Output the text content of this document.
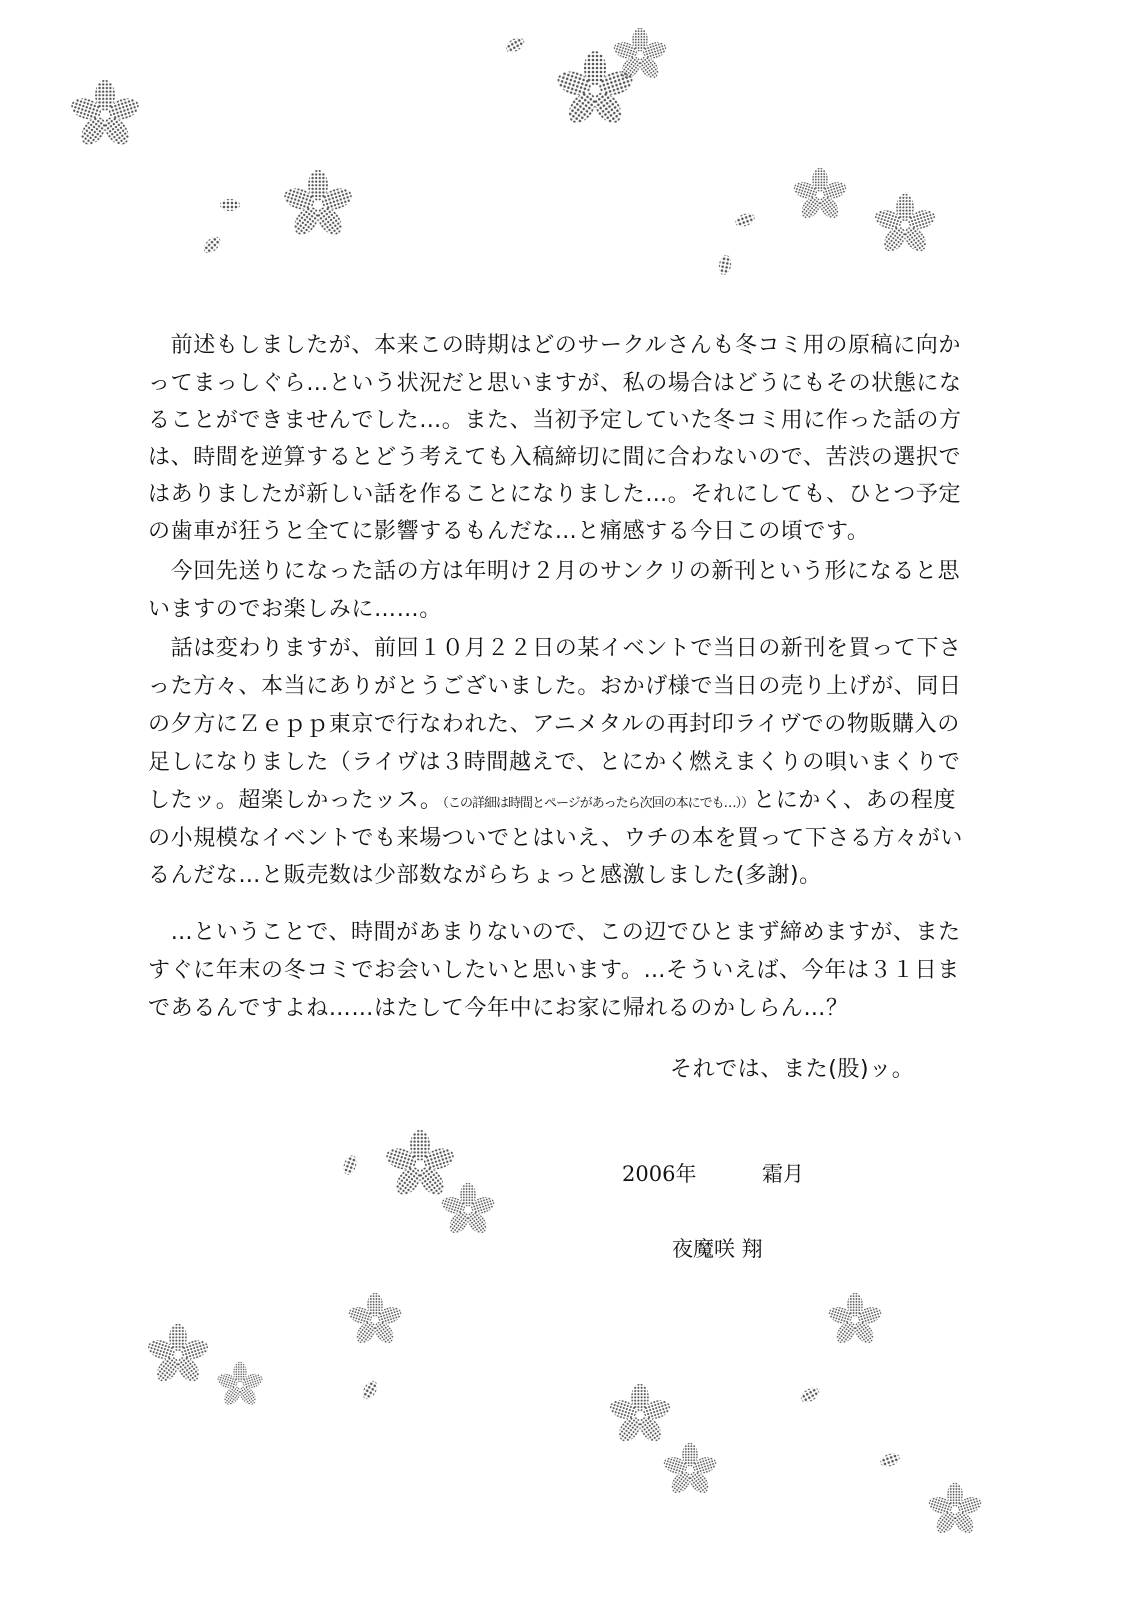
　前述もしましたが、本来この時期はどのサークルさんも冬コミ用の原稿に向か
ってまっしぐら…という状況だと思いますが、私の場合はどうにもその状態にな
ることができませんでした…。また、当初予定していた冬コミ用に作った話の方
は、時間を逆算するとどう考えても入稿締切に間に合わないので、苦渋の選択で
はありましたが新しい話を作ることになりました…。それにしても、ひとつ予定
の歯車が狂うと全てに影響するもんだな…と痛感する今日この頃です。
　今回先送りになった話の方は年明け２月のサンクリの新刊という形になると思
いますのでお楽しみに……。
　話は変わりますが、前回１０月２２日の某イベントで当日の新刊を買って下さ
った方々、本当にありがとうございました。おかげ様で当日の売り上げが、同日
の夕方にＺｅｐｐ東京で行なわれた、アニメタルの再封印ライヴでの物販購入の
足しになりました（ライヴは３時間越えで、とにかく燃えまくりの唄いまくりで
したッ。超楽しかったッス。（この詳細は時間とページがあったら次回の本にでも…））とにかく、あの程度
の小規模なイベントでも来場ついでとはいえ、ウチの本を買って下さる方々がい
るんだな…と販売数は少部数ながらちょっと感激しました(多謝)。
　…ということで、時間があまりないので、この辺でひとまず締めますが、また
すぐに年末の冬コミでお会いしたいと思います。…そういえば、今年は３１日ま
であるんですよね……はたして今年中にお家に帰れるのかしらん…？
それでは、また(股)ッ。
2006年	霜月
夜魔咲 翔
